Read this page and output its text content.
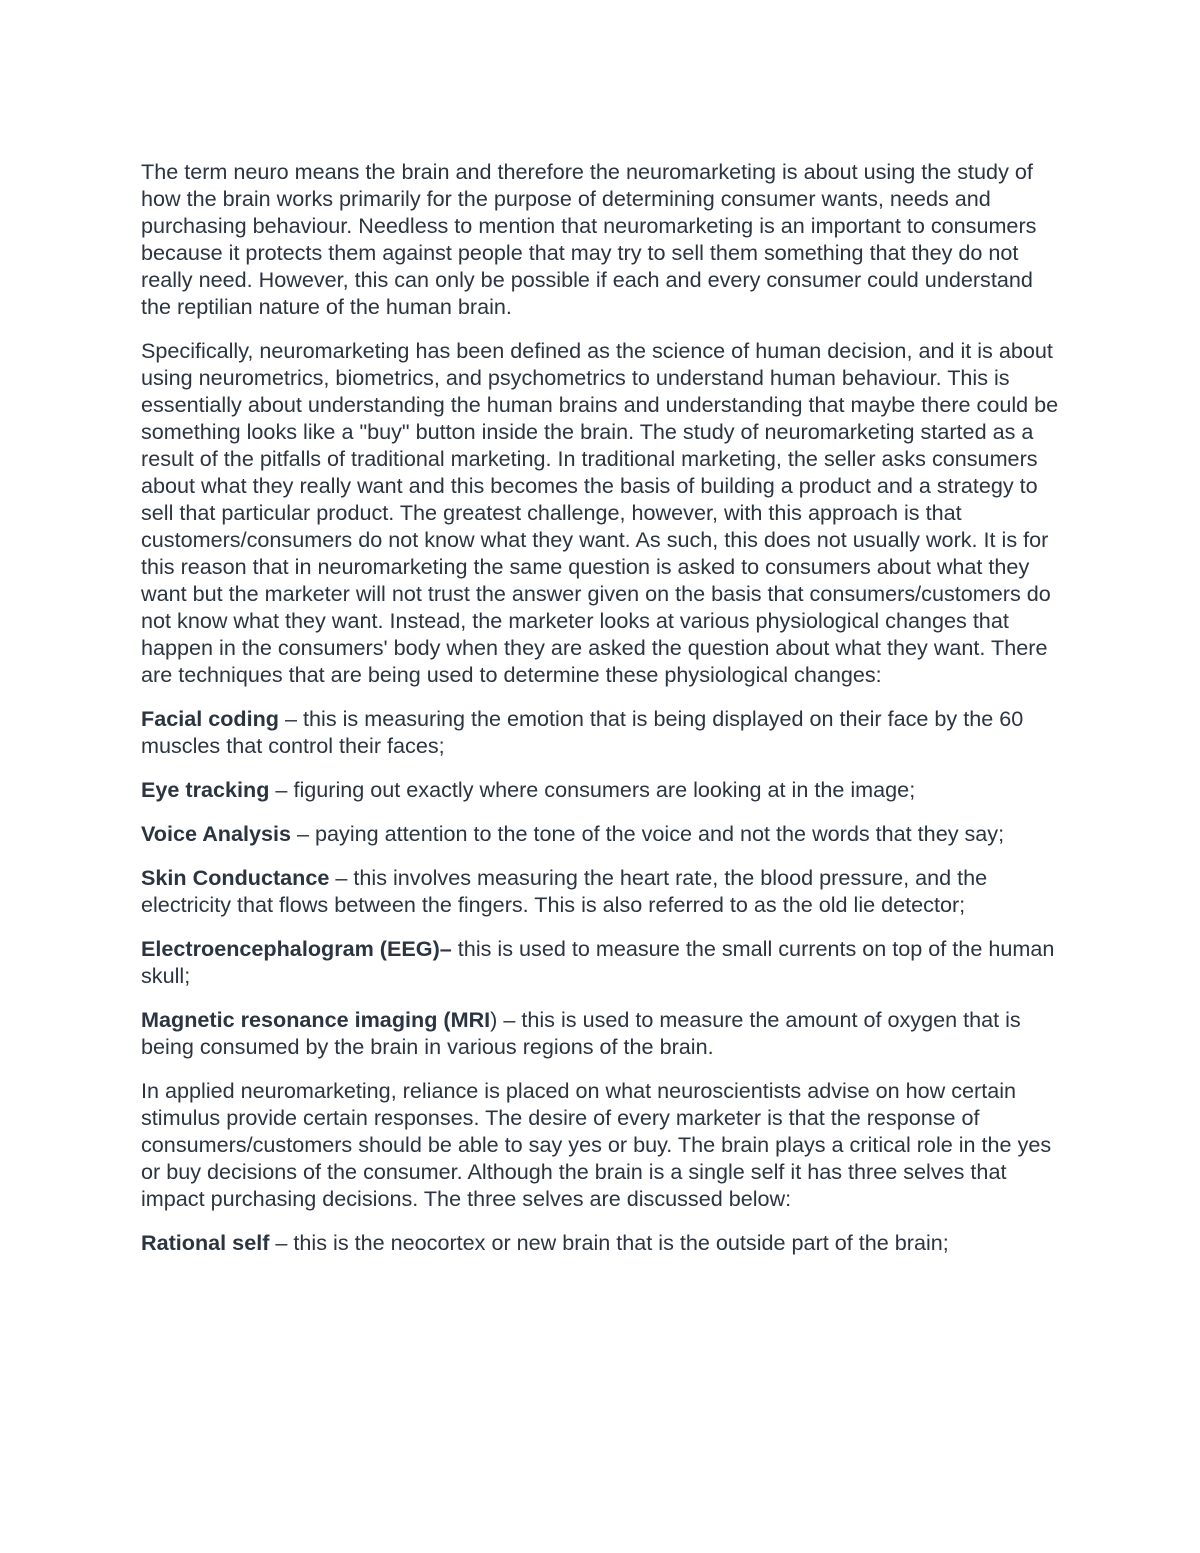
The term neuro means the brain and therefore the neuromarketing is about using the study of how the brain works primarily for the purpose of determining consumer wants, needs and purchasing behaviour. Needless to mention that neuromarketing is an important to consumers because it protects them against people that may try to sell them something that they do not really need. However, this can only be possible if each and every consumer could understand the reptilian nature of the human brain.

Specifically, neuromarketing has been defined as the science of human decision, and it is about using neurometrics, biometrics, and psychometrics to understand human behaviour. This is essentially about understanding the human brains and understanding that maybe there could be something looks like a "buy" button inside the brain. The study of neuromarketing started as a result of the pitfalls of traditional marketing. In traditional marketing, the seller asks consumers about what they really want and this becomes the basis of building a product and a strategy to sell that particular product. The greatest challenge, however, with this approach is that customers/consumers do not know what they want. As such, this does not usually work. It is for this reason that in neuromarketing the same question is asked to consumers about what they want but the marketer will not trust the answer given on the basis that consumers/customers do not know what they want. Instead, the marketer looks at various physiological changes that happen in the consumers' body when they are asked the question about what they want. There are techniques that are being used to determine these physiological changes:

Facial coding – this is measuring the emotion that is being displayed on their face by the 60 muscles that control their faces;

Eye tracking – figuring out exactly where consumers are looking at in the image;

Voice Analysis – paying attention to the tone of the voice and not the words that they say;

Skin Conductance – this involves measuring the heart rate, the blood pressure, and the electricity that flows between the fingers. This is also referred to as the old lie detector;

Electroencephalogram (EEG)– this is used to measure the small currents on top of the human skull;

Magnetic resonance imaging (MRI) – this is used to measure the amount of oxygen that is being consumed by the brain in various regions of the brain.

In applied neuromarketing, reliance is placed on what neuroscientists advise on how certain stimulus provide certain responses. The desire of every marketer is that the response of consumers/customers should be able to say yes or buy. The brain plays a critical role in the yes or buy decisions of the consumer. Although the brain is a single self it has three selves that impact purchasing decisions. The three selves are discussed below:

Rational self – this is the neocortex or new brain that is the outside part of the brain;
